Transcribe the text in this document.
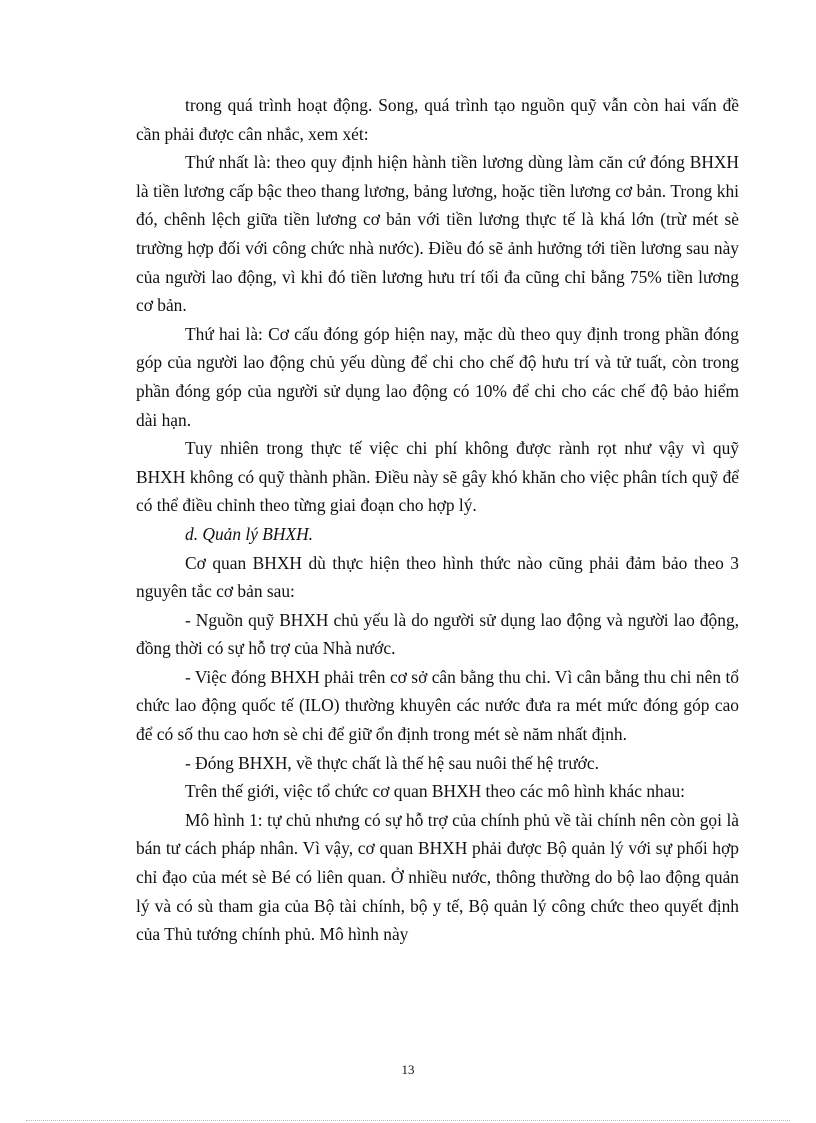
trong quá trình hoạt động. Song, quá trình tạo nguồn quỹ vẫn còn hai vấn đề cần phải được cân nhắc, xem xét:

Thứ nhất là: theo quy định hiện hành tiền lương dùng làm căn cứ đóng BHXH là tiền lương cấp bậc theo thang lương, bảng lương, hoặc tiền lương cơ bản. Trong khi đó, chênh lệch giữa tiền lương cơ bản với tiền lương thực tế là khá lớn (trừ mét sè trường hợp đối với công chức nhà nước). Điều đó sẽ ảnh hưởng tới tiền lương sau này của người lao động, vì khi đó tiền lương hưu trí tối đa cũng chỉ bằng 75% tiền lương cơ bản.

Thứ hai là: Cơ cấu đóng góp hiện nay, mặc dù theo quy định trong phần đóng góp của người lao động chủ yếu dùng để chi cho chế độ hưu trí và tử tuất, còn trong phần đóng góp của người sử dụng lao động có 10% để chi cho các chế độ bảo hiểm dài hạn.

Tuy nhiên trong thực tế việc chi phí không được rành rọt như vậy vì quỹ BHXH không có quỹ thành phần. Điều này sẽ gây khó khăn cho việc phân tích quỹ để có thể điều chỉnh theo từng giai đoạn cho hợp lý.

d. Quản lý BHXH.

Cơ quan BHXH dù thực hiện theo hình thức nào cũng phải đảm bảo theo 3 nguyên tắc cơ bản sau:

- Nguồn quỹ BHXH chủ yếu là do người sử dụng lao động và người lao động, đồng thời có sự hỗ trợ của Nhà nước.

- Việc đóng BHXH phải trên cơ sở cân bằng thu chi. Vì cân bằng thu chi nên tổ chức lao động quốc tế (ILO) thường khuyên các nước đưa ra mét mức đóng góp cao để có số thu cao hơn sè chi để giữ ổn định trong mét sè năm nhất định.

- Đóng BHXH, về thực chất là thế hệ sau nuôi thế hệ trước.

Trên thế giới, việc tổ chức cơ quan BHXH theo các mô hình khác nhau:

Mô hình 1: tự chủ nhưng có sự hỗ trợ của chính phủ về tài chính nên còn gọi là bán tư cách pháp nhân. Vì vậy, cơ quan BHXH phải được Bộ quản lý với sự phối hợp chỉ đạo của mét sè Bé có liên quan. Ở nhiều nước, thông thường do bộ lao động quản lý và có sù tham gia của Bộ tài chính, bộ y tế, Bộ quản lý công chức theo quyết định của Thủ tướng chính phủ. Mô hình này

13
